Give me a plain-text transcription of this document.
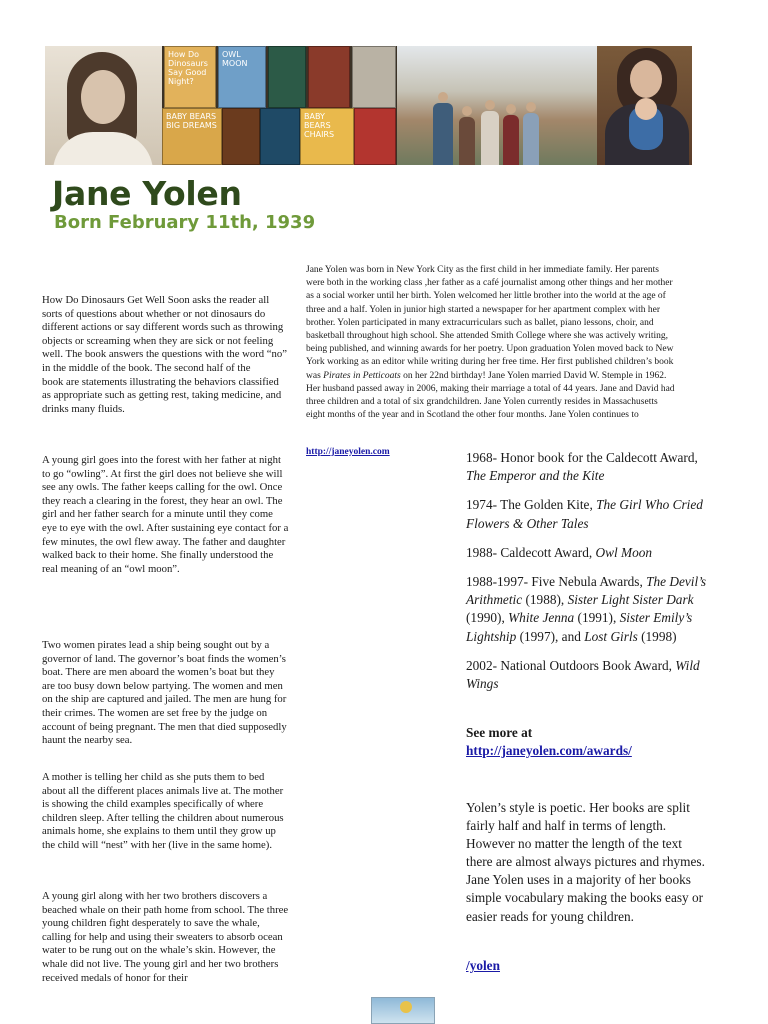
How Do Dinosaurs Say Good Night?
OWL MOON
BABY BEARS BIG DREAMS
BABY BEARS CHAIRS
Jane Yolen
Born February 11th, 1939

How Do Dinosaurs Get Well Soon asks the reader all sorts of questions about whether or not dinosaurs do different actions or say different words such as throwing objects or screaming when they are sick or not feeling well. The book answers the questions with the word “no” in the middle of the book. The second half of the

book are statements illustrating the behaviors classified as appropriate such as getting rest, taking medicine, and drinks many fluids.

A young girl goes into the forest with her father at night to go “owling”. At first the girl does not believe she will see any owls. The father keeps calling for the owl. Once they reach a clearing in the forest, they hear an owl. The girl and her father search for a minute until they come eye to eye with the owl. After sustaining eye contact for a few minutes, the owl flew away. The father and daughter walked back to their home. She finally understood the real meaning of an “owl moon”.

Two women pirates lead a ship being sought out by a governor of land. The governor’s boat finds the women’s boat. There are men aboard the women’s boat but they are too busy down below partying. The women and men on the ship are captured and jailed. The men are hung for their crimes. The women are set free by the judge on account of being pregnant. The men that died supposedly haunt the nearby sea.

A mother is telling her child as she puts them to bed about all the different places animals live at. The mother is showing the child examples specifically of where children sleep. After telling the children about numerous animals home, she explains to them until they grow up the child will “nest” with her (live in the same home).

A young girl along with her two brothers discovers a beached whale on their path home from school. The three young children fight desperately to save the whale, calling for help and using their sweaters to absorb ocean water to be rung out on the whale’s skin. However, the whale did not live. The young girl and her two brothers received medals of honor for their

Jane Yolen was born in New York City as the first child in her immediate family. Her parents were both in the working class ,her father as a café journalist among other things and her mother as a social worker until her birth. Yolen welcomed her little brother into the world at the age of three and a half. Yolen in junior high started a newspaper for her apartment complex with her brother. Yolen participated in many extracurriculars such as ballet, piano lessons, choir, and basketball throughout high school. She attended Smith College where she was actively writing, being published, and winning awards for her poetry. Upon graduation Yolen moved back to New York working as an editor while writing during her free time. Her first published children’s book was Pirates in Petticoats on her 22nd birthday! Jane Yolen married David W. Stemple in 1962. Her husband passed away in 2006, making their marriage a total of 44 years. Jane and David had three children and a total of six grandchildren. Jane Yolen currently resides in Massachusetts eight months of the year and in Scotland the other four months. Jane Yolen continues to

http://janeyolen.com	1968- Honor book for the Caldecott Award, The Emperor and the Kite

1974- The Golden Kite, The Girl Who Cried Flowers & Other Tales

1988- Caldecott Award, Owl Moon

1988-1997- Five Nebula Awards, The Devil’s Arithmetic (1988), Sister Light Sister Dark (1990), White Jenna (1991), Sister Emily’s Lightship (1997), and Lost Girls (1998)

2002- National Outdoors Book Award, Wild Wings

See more at
http://janeyolen.com/awards/

Yolen’s style is poetic. Her books are split fairly half and half in terms of length. However no matter the length of the text there are almost always pictures and rhymes. Jane Yolen uses in a majority of her books simple vocabulary making the books easy or easier reads for young children.

/yolen
